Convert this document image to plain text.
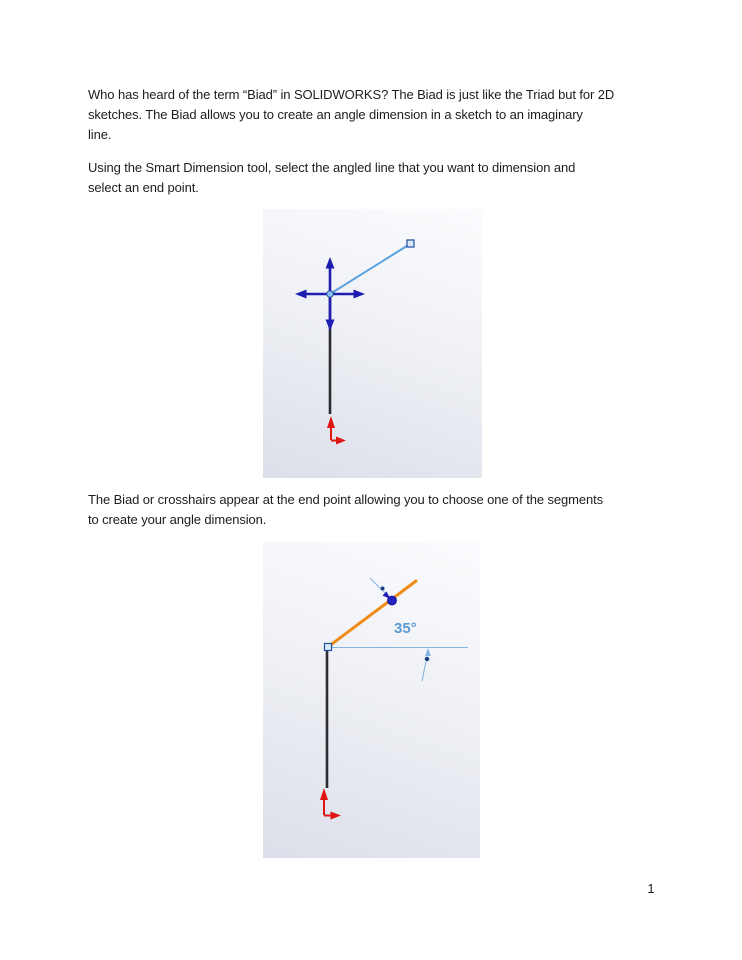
Who has heard of the term “Biad” in SOLIDWORKS? The Biad is just like the Triad but for 2D
sketches. The Biad allows you to create an angle dimension in a sketch to an imaginary
line.

Using the Smart Dimension tool, select the angled line that you want to dimension and
select an end point.

The Biad or crosshairs appear at the end point allowing you to choose one of the segments
to create your angle dimension.

35°
1
